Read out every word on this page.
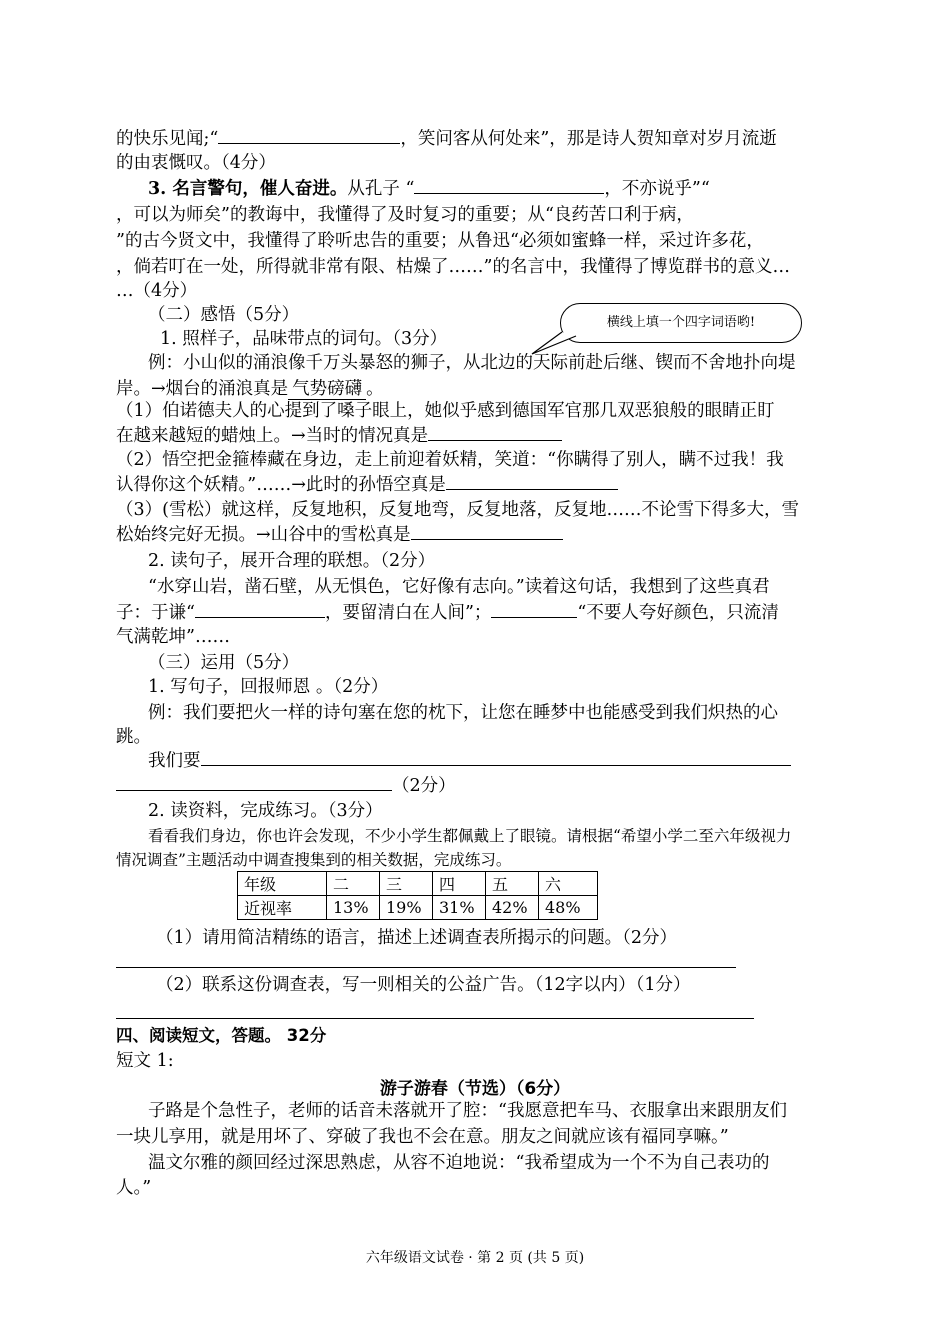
的快乐见闻;“	，笑问客从何处来”，那是诗人贺知章对岁月流逝
的由衷慨叹。（4分）
3. 名言警句，催人奋进。从孔子 “	，不亦说乎”“
，可以为师矣”的教诲中，我懂得了及时复习的重要；从“良药苦口利于病，
”的古今贤文中，我懂得了聆听忠告的重要；从鲁迅“必须如蜜蜂一样，采过许多花，
，倘若叮在一处，所得就非常有限、枯燥了……”的名言中，我懂得了博览群书的意义…
…（4分）
（二）感悟（5分）
1. 照样子，品味带点的词句。（3分）
横线上填一个四字词语哟!
例：小山似的涌浪像千万头暴怒的狮子，从北边的天际前赴后继、锲而不舍地扑向堤
岸。→烟台的涌浪真是 气势磅礴 。
（1）伯诺德夫人的心提到了嗓子眼上，她似乎感到德国军官那几双恶狼般的眼睛正盯
在越来越短的蜡烛上。→当时的情况真是
（2）悟空把金箍棒藏在身边，走上前迎着妖精，笑道：“你瞒得了别人，瞒不过我！我
认得你这个妖精。”……→此时的孙悟空真是
（3）(雪松）就这样，反复地积，反复地弯，反复地落，反复地……不论雪下得多大，雪
松始终完好无损。→山谷中的雪松真是
2. 读句子，展开合理的联想。（2分）
“水穿山岩，凿石壁，从无惧色，它好像有志向。”读着这句话，我想到了这些真君
子：于谦“	，要留清白在人间”；	“不要人夸好颜色，只流清
气满乾坤”……
（三）运用（5分）
1. 写句子，回报师恩 。（2分）
例：我们要把火一样的诗句塞在您的枕下，让您在睡梦中也能感受到我们炽热的心
跳。
我们要
（2分）
2. 读资料，完成练习。（3分）
看看我们身边，你也许会发现，不少小学生都佩戴上了眼镜。请根据“希望小学二至六年级视力
情况调查”主题活动中调查搜集到的相关数据，完成练习。
年级	二	三	四	五	六
近视率	13%	19%	31%	42%	48%
（1）请用简洁精练的语言，描述上述调查表所揭示的问题。（2分）
（2）联系这份调查表，写一则相关的公益广告。（12字以内）（1分）
四、阅读短文，答题。 32分
短文 1:
游子游春（节选）（6分）
子路是个急性子，老师的话音未落就开了腔：“我愿意把车马、衣服拿出来跟朋友们
一块儿享用，就是用坏了、穿破了我也不会在意。朋友之间就应该有福同享嘛。”
温文尔雅的颜回经过深思熟虑，从容不迫地说：“我希望成为一个不为自己表功的
人。”
六年级语文试卷 · 第 2 页 (共 5 页)
